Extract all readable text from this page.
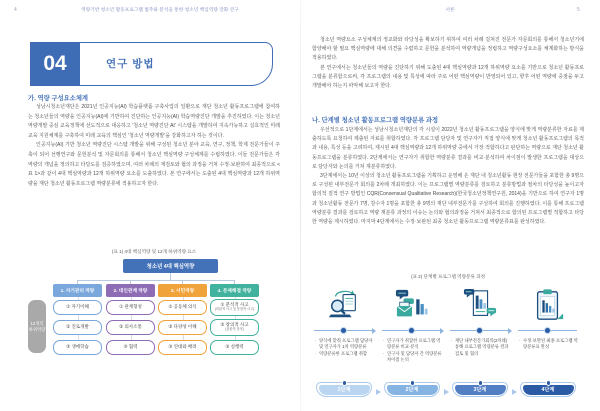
4	역량기반 청소년 활동프로그램 범주와 분석을 통한 청소년 핵심역량 강화 연구
04	연구 방법
가. 역량 구성요소체계

성남시청소년재단은 2021년 인공지능(AI) 학습플랫폼 구축사업의 일환으로 재단 청소년 활동프로그램에 참여하는 청소년들의 역량을 인공지능(AI)에 기반하여 진단하는 인공지능(AI) 학습역량진단 개발을 추진하였다. 이는 청소년 역량개발 중심 교육정책에 선도적으로 대응하고 '청소년 역량진단 AI' 시스템을 개발하여 지속가능하고 실효적인 미래 교육 지원체계를 구축하여 미래 교육의 핵심인 '청소년 역량개발'을 강화하고자 하는 것이다.

인공지능(AI) 기반 청소년 역량진단 시스템 개발을 위해 구성된 청소년 분야 교육, 연구, 정책, 학계 전문가들이 주축이 되어 선행연구와 문헌분석 및 자문회의를 통해서 청소년 핵심역량 구성체계를 수립하였다. 이들 전문가들은 각 역량의 개념을 정의하고 타당도를 검증하였으며, 여러 차례의 재검토와 협의 과정을 거쳐 수정·보완하여 최종적으로 <표 1>과 같이 4대 핵심역량과 12개 하위역량 요소를 도출하였다. 본 연구에서는 도출된 4대 핵심역량과 12개 하위역량을 재단 청소년 활동프로그램 역량분류에 적용하고자 한다.

(표 1) 4대 핵심역량 및 12개 하위역량 요소
청소년 4대 핵심역량
12개의
하위역량
1. 자기관리 역량
① 자기이해
② 진로개발
③ 생애학습
2. 대인관계 역량
① 관계형성
② 의사소통
③ 협력
3. 시민역량
① 공동체 의식
② 다양성 이해
③ 연대와 배려
4. 문제해결 역량
① 분석적 사고
(비판적 사고 및 통합적 사고)
② 창의적 사고
(융합적 창의)
③ 실행력
서론	5

청소년 역량요소 구성체계의 정교화와 타당성을 확보하기 위하여 여러 차례 걸쳐진 전문가 자문회의를 통해서 청소년기에 함양해야 할 필요 핵심역량에 대해 의견을 수렴하고 문헌을 분석하여 역량개념을 정립하고 역량구성요소를 체계화하는 방식을 적용하였다.

본 연구에서는 청소년들의 역량을 진단하기 위해 도출된 4대 핵심역량과 12개 하위역량 요소를 기반으로 청소년 활동프로그램을 분류함으로써, 각 프로그램의 내용 및 특성에 따라 주로 어떤 핵심역량이 반영되어 있고, 향후 어떤 역량에 중점을 두고 개발해야 하는지 파악해 보고자 한다.

나. 단계별 청소년 활동프로그램 역량분류 과정

우선적으로 1단계에서는 성남시청소년재단의 각 시설이 2022년 청소년 활동프로그램을 양식에 맞게 역량분류한 자료를 제출하도록 요청하여 제출된 자료를 취합하였다. 각 프로그램 담당자 및 연구자가 직접 양식에 맞게 청소년 활동프로그램의 목적과 내용, 특성 등을 고려하여, 제시된 4대 핵심역량과 12개 하위역량 중에서 가장 적합하다고 판단하는 역량으로 재단 청소년 활동프로그램을 분류하였다. 2단계에서는 연구자가 취합한 역량분류 결과를 비교·분석하여 차이점이 발생한 프로그램을 대상으로 담당자와 논의를 거쳐 재분류하였다.

3단계에서는 10년 이상의 청소년 활동프로그램을 기획하고 운영해 온 재단 내 청소년활동 현장 전문가들을 포함한 총 9명으로 구성된 내부전문가 회의를 2차례 개최하였다. 이는 프로그램별 역량분류를 검토하고 분류방법과 절차의 타당성을 높이고자 합의적 질적 연구 방법인 CQR(Consensual Qualitative Research)(한국청소년정책연구원, 2014)을 기반으로 하여 연구자 1명과 청소년활동 전문가 7명, 감수자 1명을 포함한 총 9명의 재단 내부전문가를 구성하여 회의를 진행하였다. 이를 통해 프로그램 역량분류 결과를 검토하고 역량 재분류 과정의 이슈는 논의와 협의과정을 거쳐서 최종적으로 합의된 프로그램별 적합하고 타당한 역량을 제시하였다. 마지막 4단계에서는 수정·보완된 최종 청소년 활동프로그램 역량분류표를 완성하였다.

(표 2) 단계별 프로그램 역량분류 과정
· 양식에 맞춰 프로그램 담당자 및 연구자가 1차 역량분류
· 역량분류한 프로그램 취합
1단계
· 연구자가 취합한 프로그램 역량분류 비교·분석
· 연구자 및 담당자 간 역량분류 차이점 논의
2단계
· 재단 내부전문가회의(2차례) 통해 프로그램 역량분류 결과 검토 및 협의
3단계
· 수정·보완된 최종 프로그램 역량분류표 완성
4단계
